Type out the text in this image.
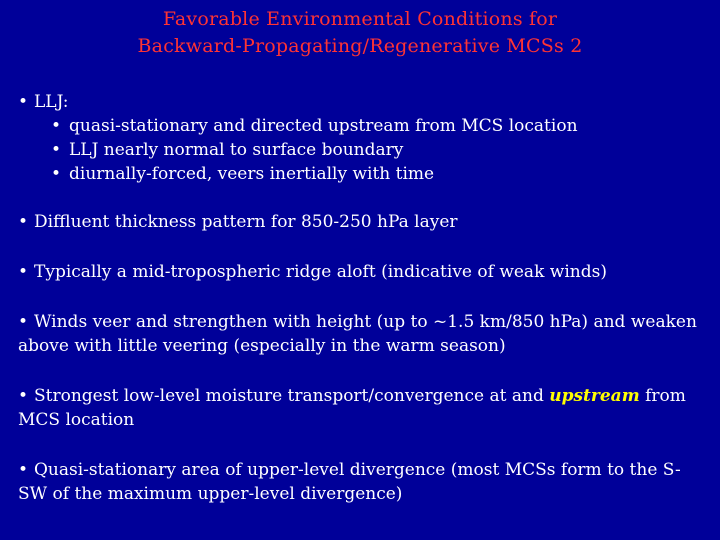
Favorable Environmental Conditions for
Backward-Propagating/Regenerative MCSs 2

• LLJ:

• quasi-stationary and directed upstream from MCS location

• LLJ nearly normal to surface boundary

• diurnally-forced, veers inertially with time

• Diffluent thickness pattern for 850-250 hPa layer

• Typically a mid-tropospheric ridge aloft (indicative of weak winds)

• Winds veer and strengthen with height (up to ~1.5 km/850 hPa) and weaken above with little veering (especially in the warm season)

• Strongest low-level moisture transport/convergence at and upstream from MCS location

• Quasi-stationary area of upper-level divergence (most MCSs form to the S-SW of the maximum upper-level divergence)
